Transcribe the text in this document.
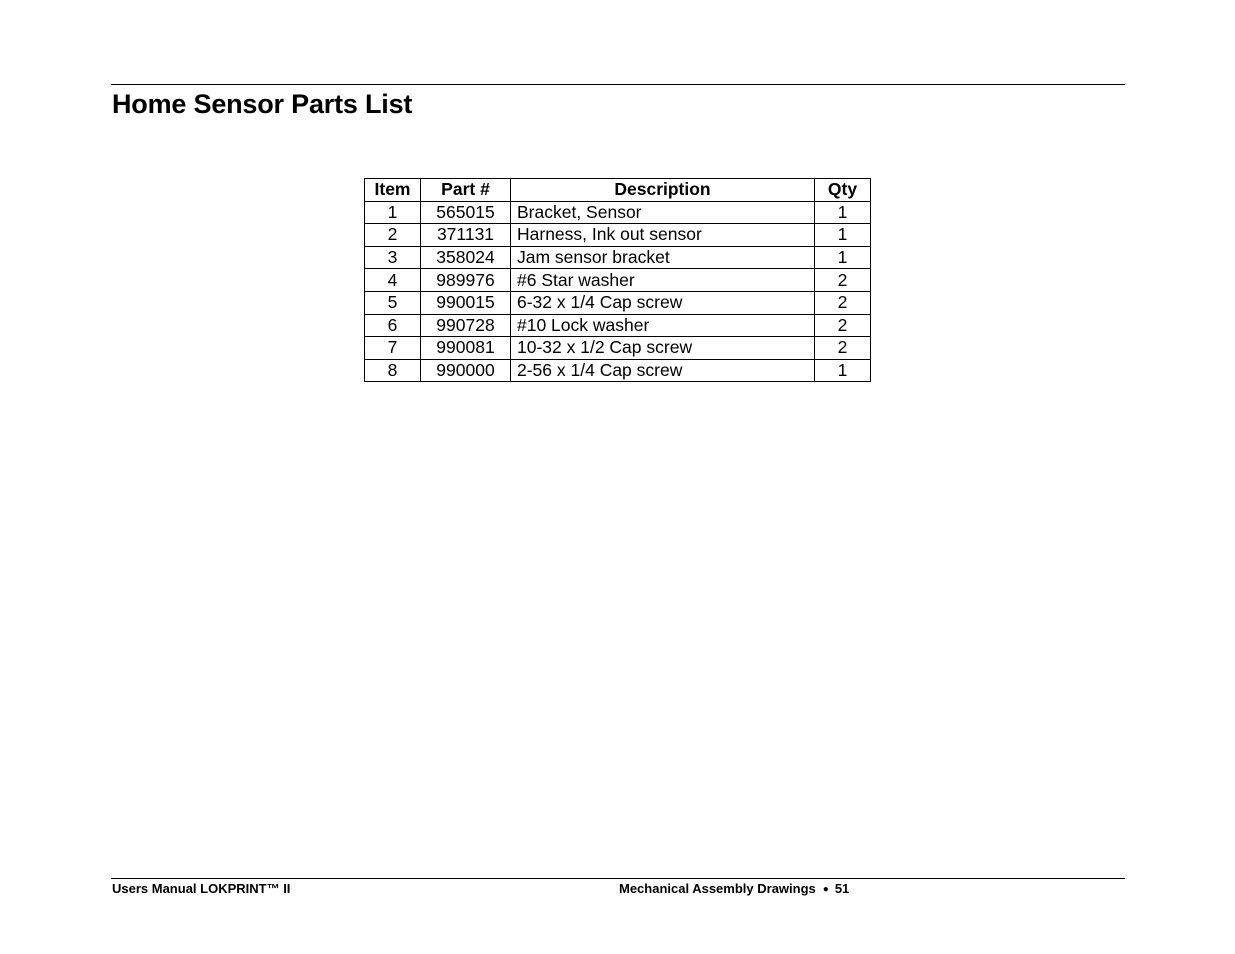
Home Sensor Parts List
Item	Part #	Description	Qty
1	565015	Bracket, Sensor	1
2	371131	Harness, Ink out sensor	1
3	358024	Jam sensor bracket	1
4	989976	#6 Star washer	2
5	990015	6-32 x 1/4 Cap screw	2
6	990728	#10 Lock washer	2
7	990081	10-32 x 1/2 Cap screw	2
8	990000	2-56 x 1/4 Cap screw	1
Users Manual LOKPRINT™ II	Mechanical Assembly Drawings ● 51
